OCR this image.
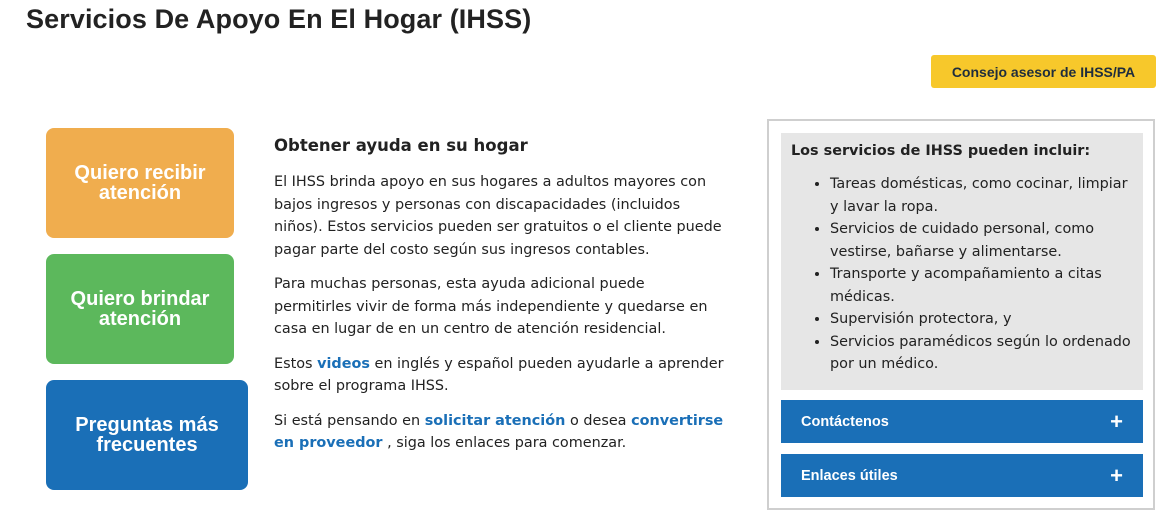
Servicios De Apoyo En El Hogar (IHSS)
Consejo asesor de IHSS/PA
Quiero recibir atención
Quiero brindar atención
Preguntas más frecuentes
Obtener ayuda en su hogar

El IHSS brinda apoyo en sus hogares a adultos mayores con bajos ingresos y personas con discapacidades (incluidos niños). Estos servicios pueden ser gratuitos o el cliente puede pagar parte del costo según sus ingresos contables.

Para muchas personas, esta ayuda adicional puede permitirles vivir de forma más independiente y quedarse en casa en lugar de en un centro de atención residencial.

Estos videos en inglés y español pueden ayudarle a aprender sobre el programa IHSS.

Si está pensando en solicitar atención o desea convertirse en proveedor , siga los enlaces para comenzar.

Los servicios de IHSS pueden incluir:
• Tareas domésticas, como cocinar, limpiar y lavar la ropa.
• Servicios de cuidado personal, como vestirse, bañarse y alimentarse.
• Transporte y acompañamiento a citas médicas.
• Supervisión protectora, y
• Servicios paramédicos según lo ordenado por un médico.
Contáctenos	+
Enlaces útiles	+
